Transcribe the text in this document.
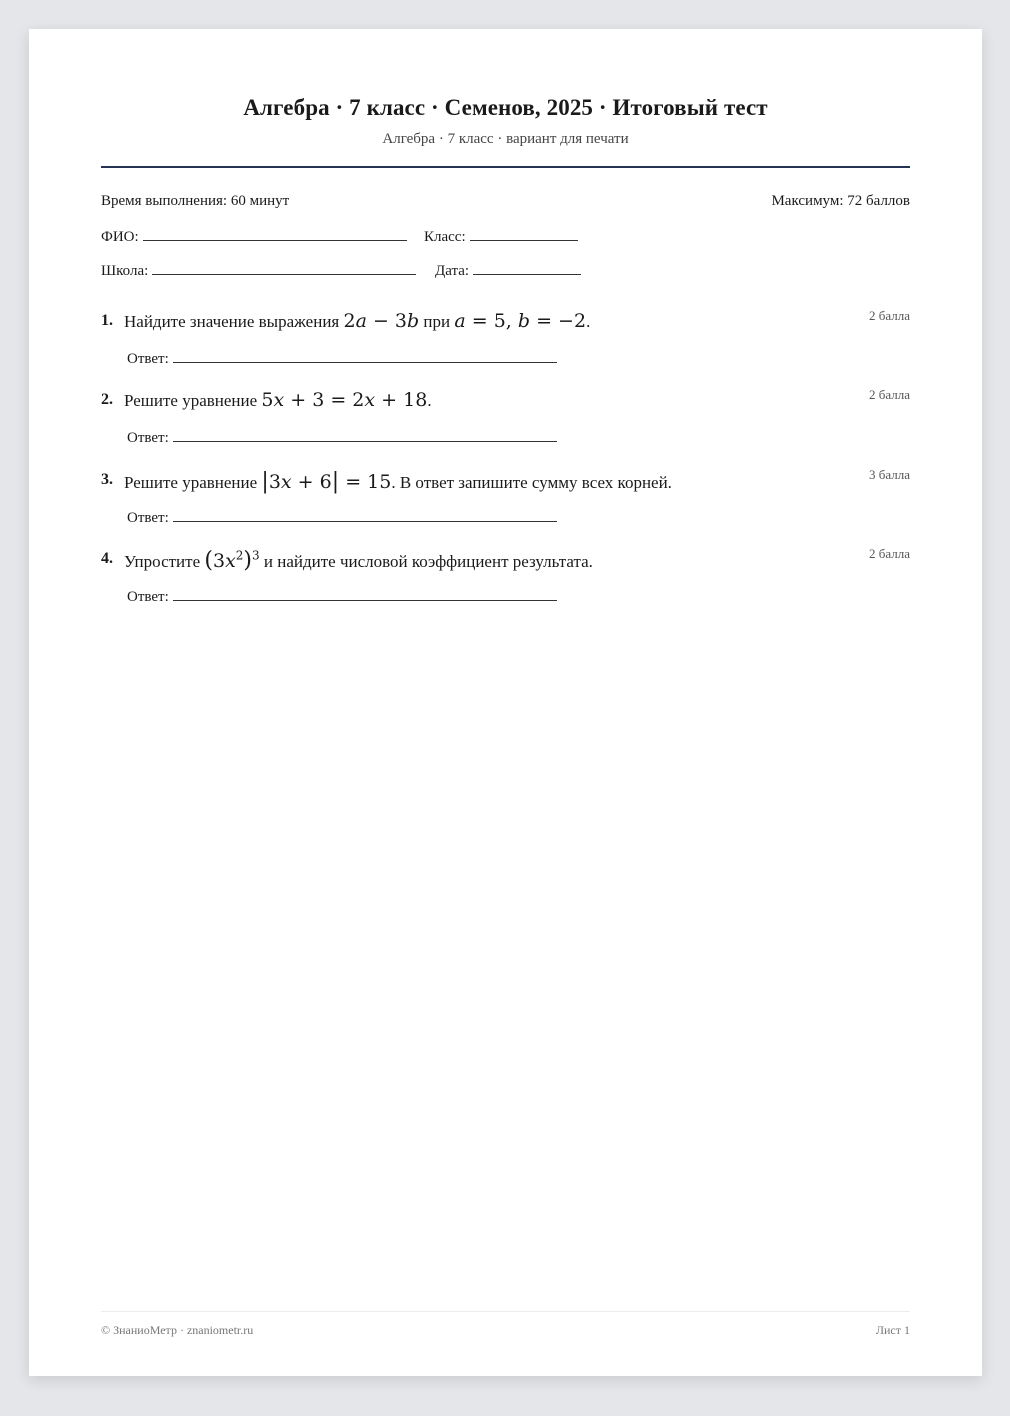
Алгебра · 7 класс · Семенов, 2025 · Итоговый тест
Алгебра · 7 класс · вариант для печати
Время выполнения: 60 минут	Максимум: 72 баллов
ФИО:	Класс:
Школа:	Дата:
1. Найдите значение выражения 2a − 3b при a = 5, b = −2.	2 балла
Ответ:
2. Решите уравнение 5x + 3 = 2x + 18.	2 балла
Ответ:
3. Решите уравнение |3x + 6| = 15. В ответ запишите сумму всех корней.	3 балла
Ответ:
4. Упростите $(3x^2)^3$ и найдите числовой коэффициент результата.	2 балла
Ответ:
© ЗнаниоМетр · znaniometr.ru	Лист 1
